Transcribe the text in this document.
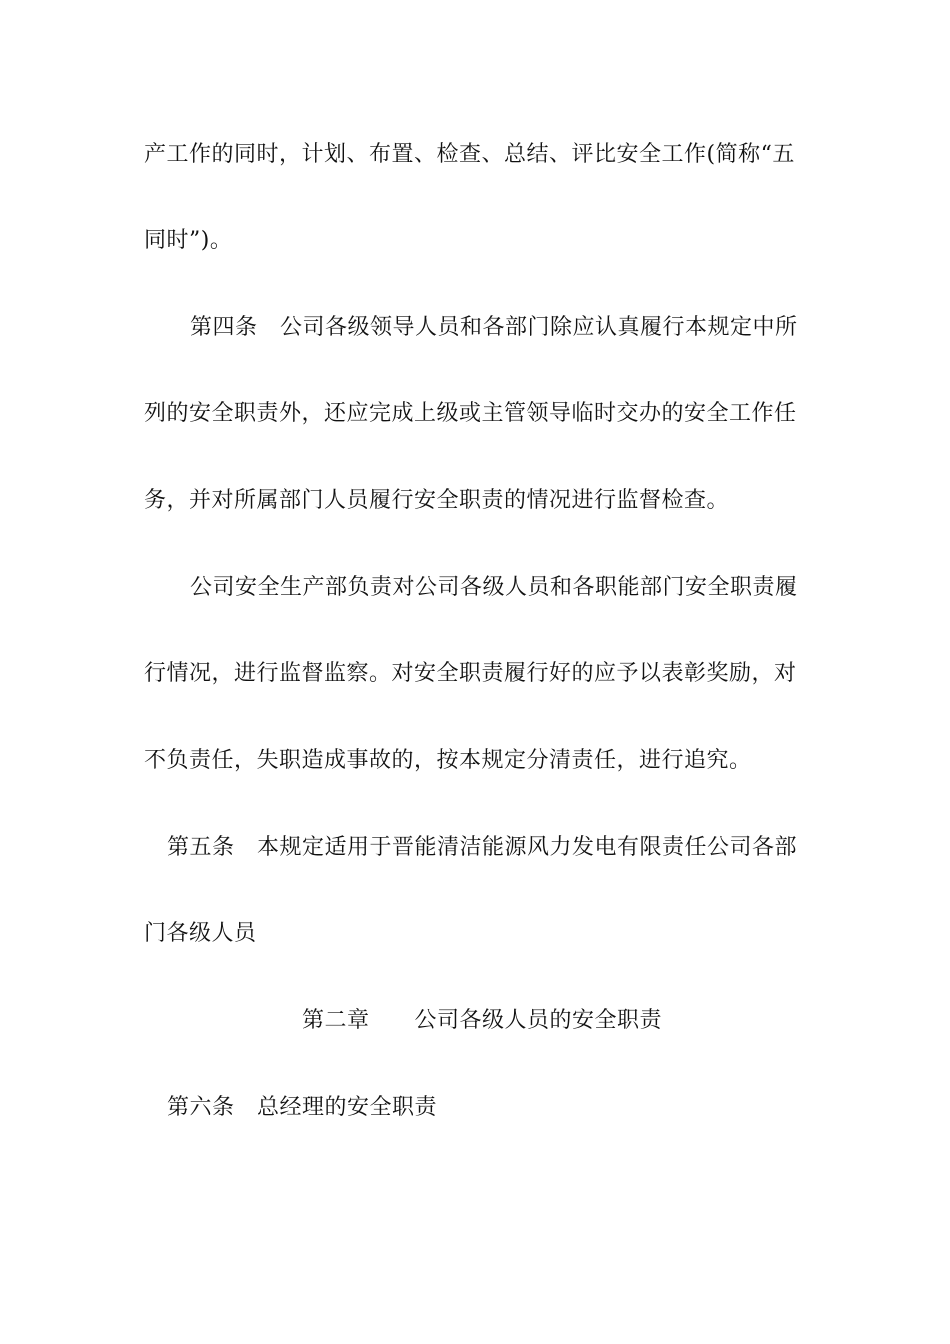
产工作的同时，计划、布置、检查、总结、评比安全工作(简称“五
同时”)。
第四条　公司各级领导人员和各部门除应认真履行本规定中所
列的安全职责外，还应完成上级或主管领导临时交办的安全工作任
务，并对所属部门人员履行安全职责的情况进行监督检查。
公司安全生产部负责对公司各级人员和各职能部门安全职责履
行情况，进行监督监察。对安全职责履行好的应予以表彰奖励，对
不负责任，失职造成事故的，按本规定分清责任，进行追究。
第五条　本规定适用于晋能清洁能源风力发电有限责任公司各部
门各级人员
第二章　　公司各级人员的安全职责
第六条　总经理的安全职责
